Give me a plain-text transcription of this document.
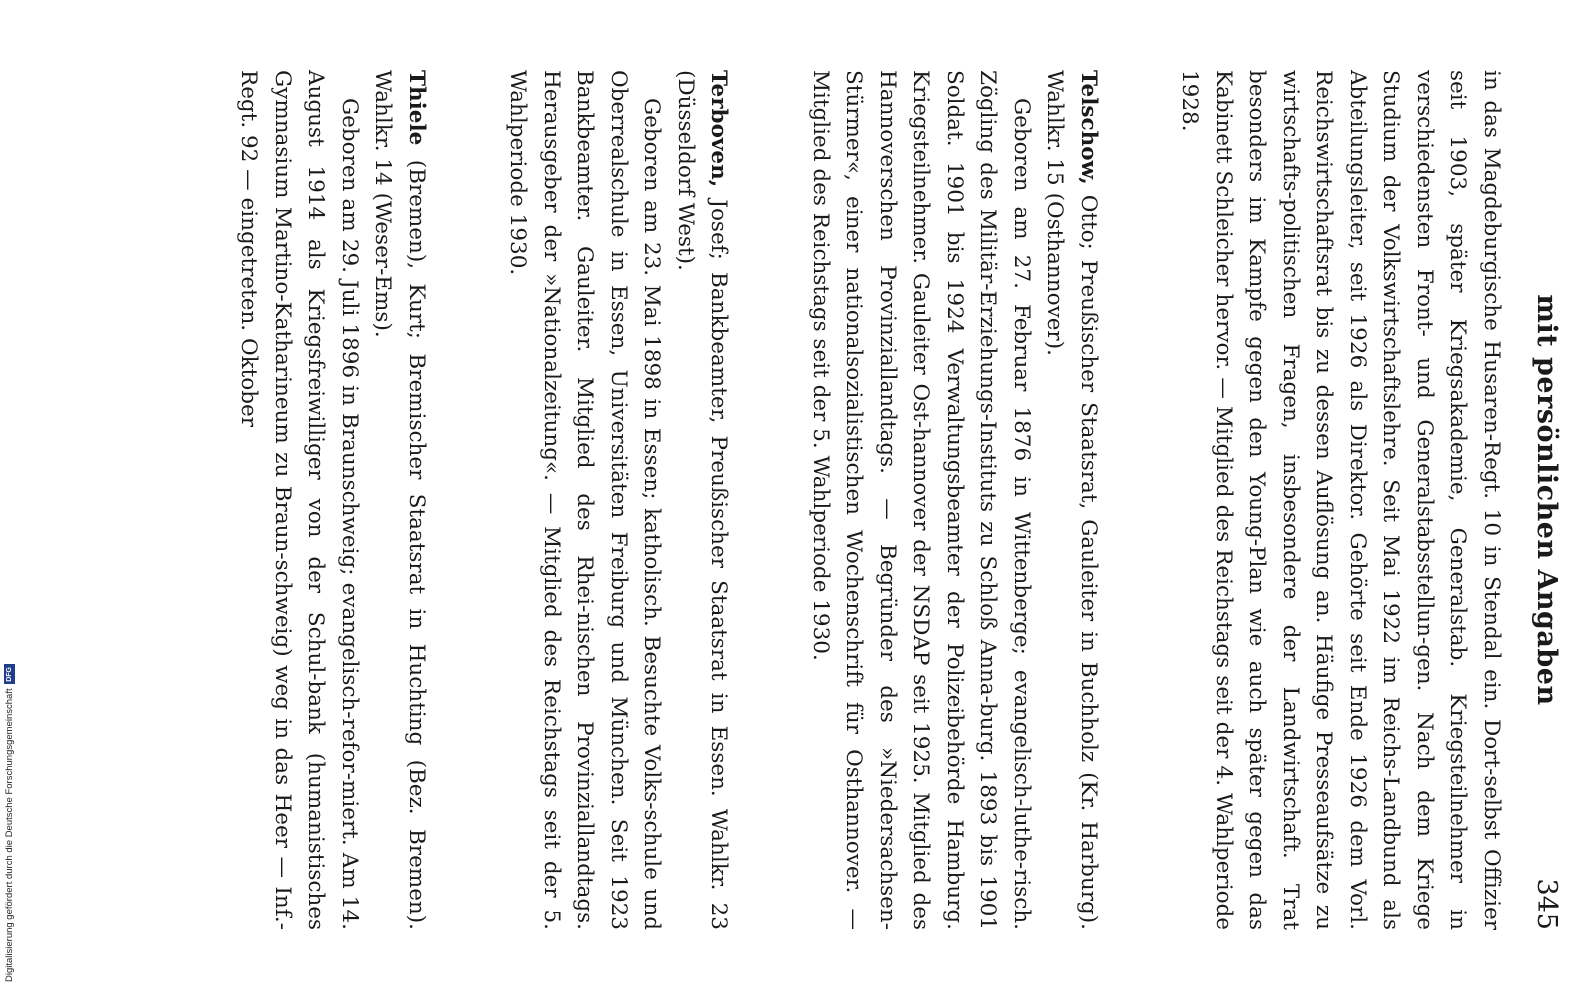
mit persönlichen Angaben
345

in das Magdeburgische Husaren-Regt. 10 in Stendal ein. Dort-selbst Offizier seit 1903, später Kriegsakademie, Generalstab. Kriegsteilnehmer in verschiedensten Front- und Generalstabsstellun-gen. Nach dem Kriege Studium der Volkswirtschaftslehre. Seit Mai 1922 im Reichs-Landbund als Abteilungsleiter, seit 1926 als Direktor. Gehörte seit Ende 1926 dem Vorl. Reichswirtschaftsrat bis zu dessen Auflösung an. Häufige Presseaufsätze zu wirtschafts-politischen Fragen, insbesondere der Landwirtschaft. Trat besonders im Kampfe gegen den Young-Plan wie auch später gegen das Kabinett Schleicher hervor. — Mitglied des Reichstags seit der 4. Wahlperiode 1928.

Telschow, Otto; Preußischer Staatsrat, Gauleiter in Buchholz (Kr. Harburg). Wahlkr. 15 (Osthannover).

Geboren am 27. Februar 1876 in Wittenberge; evangelisch-luthe-risch. Zögling des Militär-Erziehungs-Instituts zu Schloß Anna-burg. 1893 bis 1901 Soldat. 1901 bis 1924 Verwaltungsbeamter der Polizeibehörde Hamburg. Kriegsteilnehmer. Gauleiter Ost-hannover der NSDAP seit 1925. Mitglied des Hannoverschen Provinziallandtags. — Begründer des »Niedersachsen-Stürmer«, einer nationalsozialistischen Wochenschrift für Osthannover. — Mitglied des Reichstags seit der 5. Wahlperiode 1930.

Terboven, Josef; Bankbeamter, Preußischer Staatsrat in Essen. Wahlkr. 23 (Düsseldorf West).

Geboren am 23. Mai 1898 in Essen; katholisch. Besuchte Volks-schule und Oberrealschule in Essen, Universitäten Freiburg und München. Seit 1923 Bankbeamter. Gauleiter. Mitglied des Rhei-nischen Provinziallandtags. Herausgeber der »Nationalzeitung«. — Mitglied des Reichstags seit der 5. Wahlperiode 1930.

Thiele (Bremen), Kurt; Bremischer Staatsrat in Huchting (Bez. Bremen). Wahlkr. 14 (Weser-Ems).

Geboren am 29. Juli 1896 in Braunschweig; evangelisch-refor-miert. Am 14. August 1914 als Kriegsfreiwilliger von der Schul-bank (humanistisches Gymnasium Martino-Katharineum zu Braun-schweig) weg in das Heer — Inf.-Regt. 92 — eingetreten. Oktober

Digitalisierung gefördert durch die Deutsche ForschungsgemeinschaftDFG
